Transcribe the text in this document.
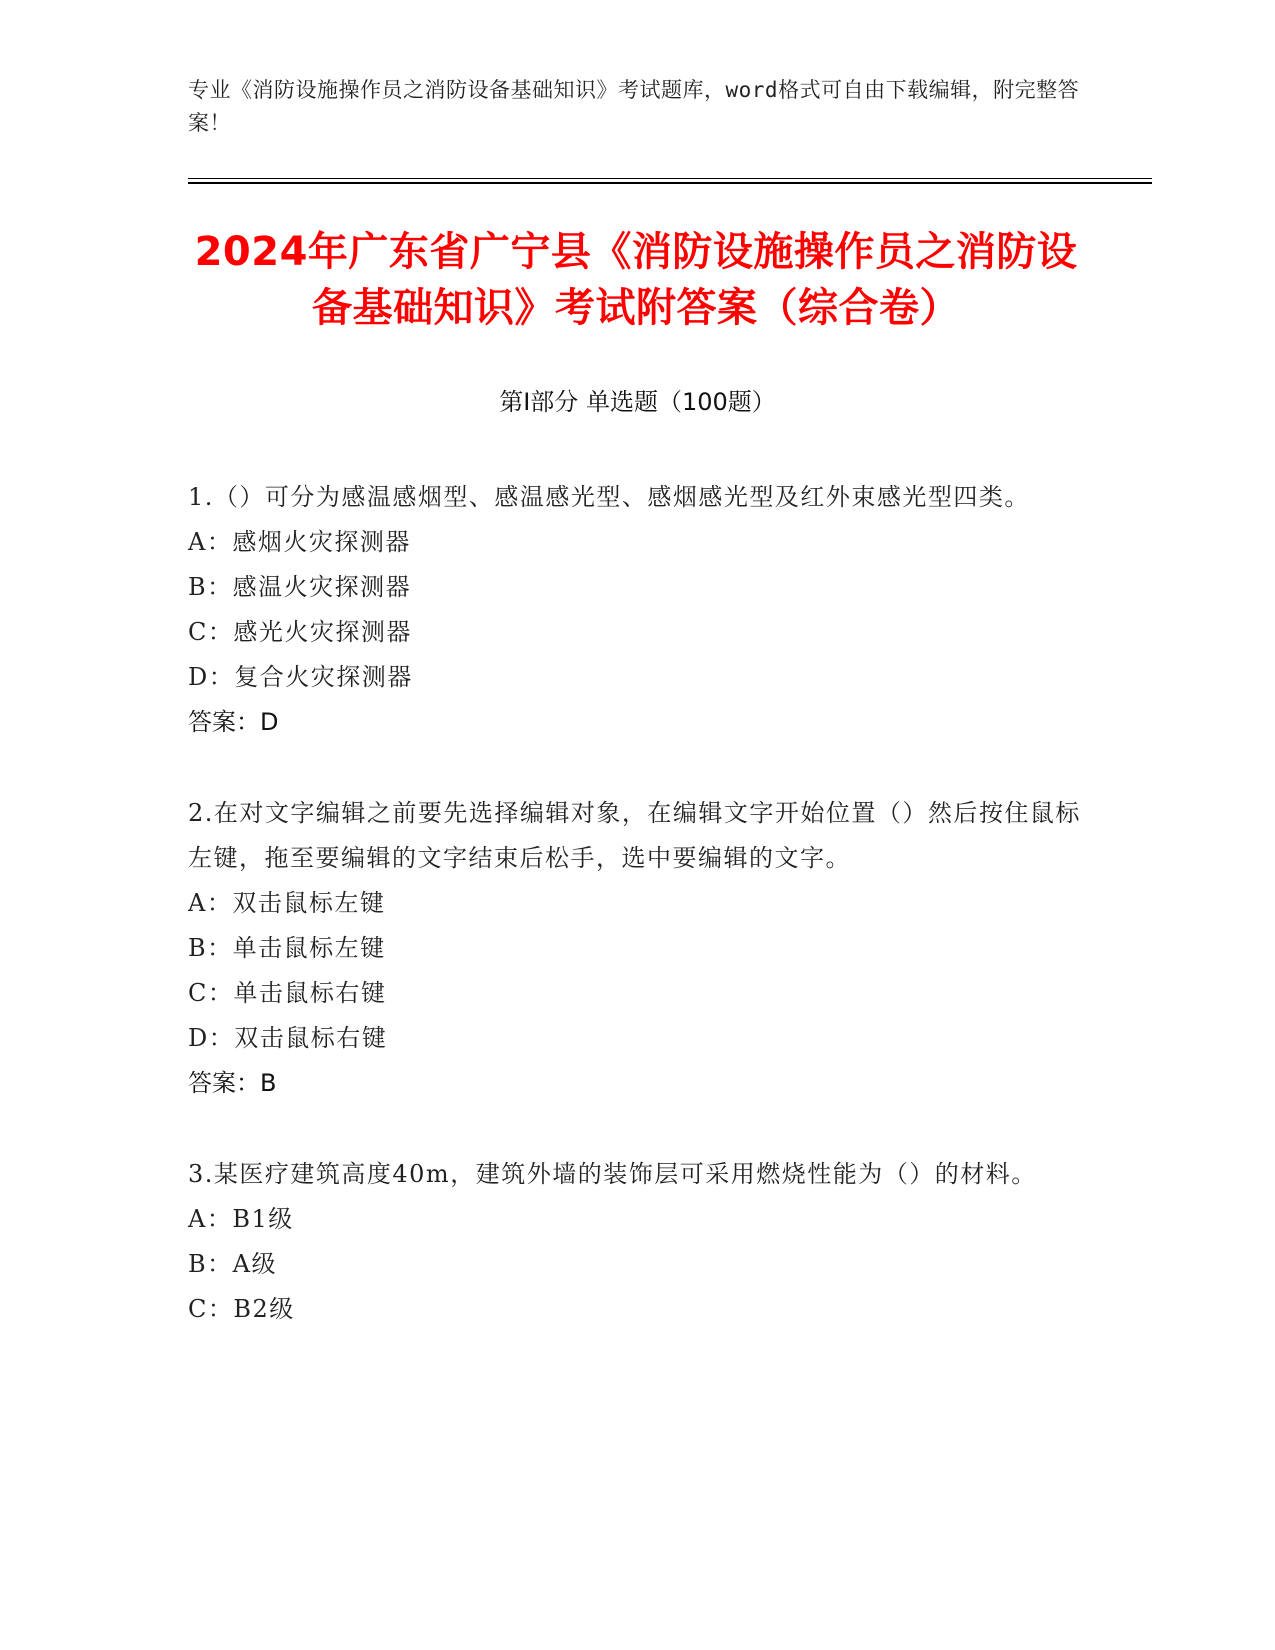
专业《消防设施操作员之消防设备基础知识》考试题库，word格式可自由下载编辑，附完整答案！
2024年广东省广宁县《消防设施操作员之消防设备基础知识》考试附答案（综合卷）
第Ⅰ部分 单选题（100题）
1.（）可分为感温感烟型、感温感光型、感烟感光型及红外束感光型四类。
A：感烟火灾探测器
B：感温火灾探测器
C：感光火灾探测器
D：复合火灾探测器
答案：D
2.在对文字编辑之前要先选择编辑对象，在编辑文字开始位置（）然后按住鼠标左键，拖至要编辑的文字结束后松手，选中要编辑的文字。
A：双击鼠标左键
B：单击鼠标左键
C：单击鼠标右键
D：双击鼠标右键
答案：B
3.某医疗建筑高度40m，建筑外墙的装饰层可采用燃烧性能为（）的材料。
A：B1级
B：A级
C：B2级
